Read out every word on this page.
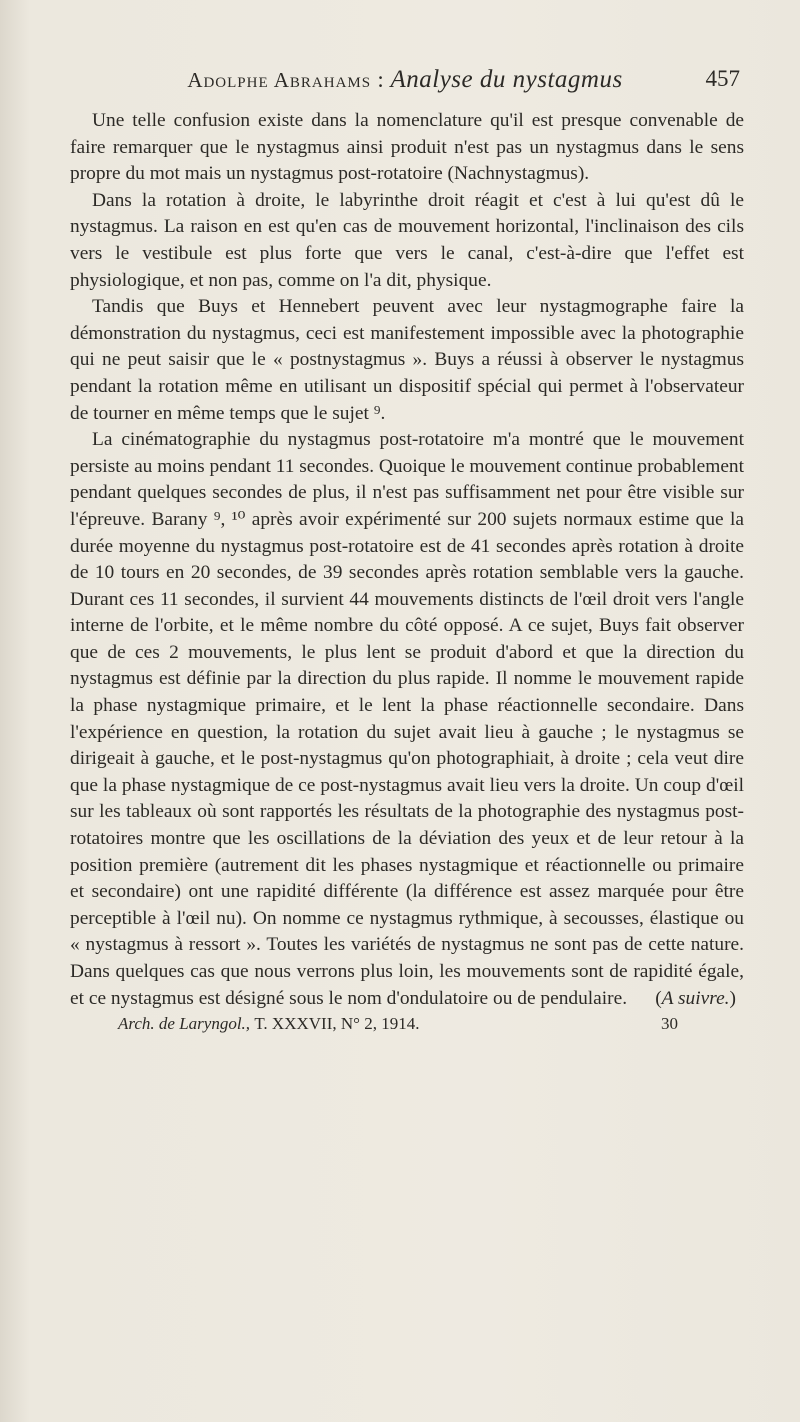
Adolphe Abrahams : Analyse du nystagmus	457

Une telle confusion existe dans la nomenclature qu'il est presque convenable de faire remarquer que le nystagmus ainsi produit n'est pas un nystagmus dans le sens propre du mot mais un nystagmus post-rotatoire (Nachnystagmus).

Dans la rotation à droite, le labyrinthe droit réagit et c'est à lui qu'est dû le nystagmus. La raison en est qu'en cas de mouvement horizontal, l'inclinaison des cils vers le vestibule est plus forte que vers le canal, c'est-à-dire que l'effet est physiologique, et non pas, comme on l'a dit, physique.

Tandis que Buys et Hennebert peuvent avec leur nystagmographe faire la démonstration du nystagmus, ceci est manifestement impossible avec la photographie qui ne peut saisir que le « postnystagmus ». Buys a réussi à observer le nystagmus pendant la rotation même en utilisant un dispositif spécial qui permet à l'observateur de tourner en même temps que le sujet ⁹.

La cinématographie du nystagmus post-rotatoire m'a montré que le mouvement persiste au moins pendant 11 secondes. Quoique le mouvement continue probablement pendant quelques secondes de plus, il n'est pas suffisamment net pour être visible sur l'épreuve. Barany ⁹, ¹⁰ après avoir expérimenté sur 200 sujets normaux estime que la durée moyenne du nystagmus post-rotatoire est de 41 secondes après rotation à droite de 10 tours en 20 secondes, de 39 secondes après rotation semblable vers la gauche. Durant ces 11 secondes, il survient 44 mouvements distincts de l'œil droit vers l'angle interne de l'orbite, et le même nombre du côté opposé. A ce sujet, Buys fait observer que de ces 2 mouvements, le plus lent se produit d'abord et que la direction du nystagmus est définie par la direction du plus rapide. Il nomme le mouvement rapide la phase nystagmique primaire, et le lent la phase réactionnelle secondaire. Dans l'expérience en question, la rotation du sujet avait lieu à gauche ; le nystagmus se dirigeait à gauche, et le post-nystagmus qu'on photographiait, à droite ; cela veut dire que la phase nystagmique de ce post-nystagmus avait lieu vers la droite. Un coup d'œil sur les tableaux où sont rapportés les résultats de la photographie des nystagmus post-rotatoires montre que les oscillations de la déviation des yeux et de leur retour à la position première (autrement dit les phases nystagmique et réactionnelle ou primaire et secondaire) ont une rapidité différente (la différence est assez marquée pour être perceptible à l'œil nu). On nomme ce nystagmus rythmique, à secousses, élastique ou « nystagmus à ressort ». Toutes les variétés de nystagmus ne sont pas de cette nature. Dans quelques cas que nous verrons plus loin, les mouvements sont de rapidité égale, et ce nystagmus est désigné sous le nom d'ondulatoire ou de pendulaire.	( A suivre. )
Arch. de Laryngol., T. XXXVII, N° 2, 1914.	30
